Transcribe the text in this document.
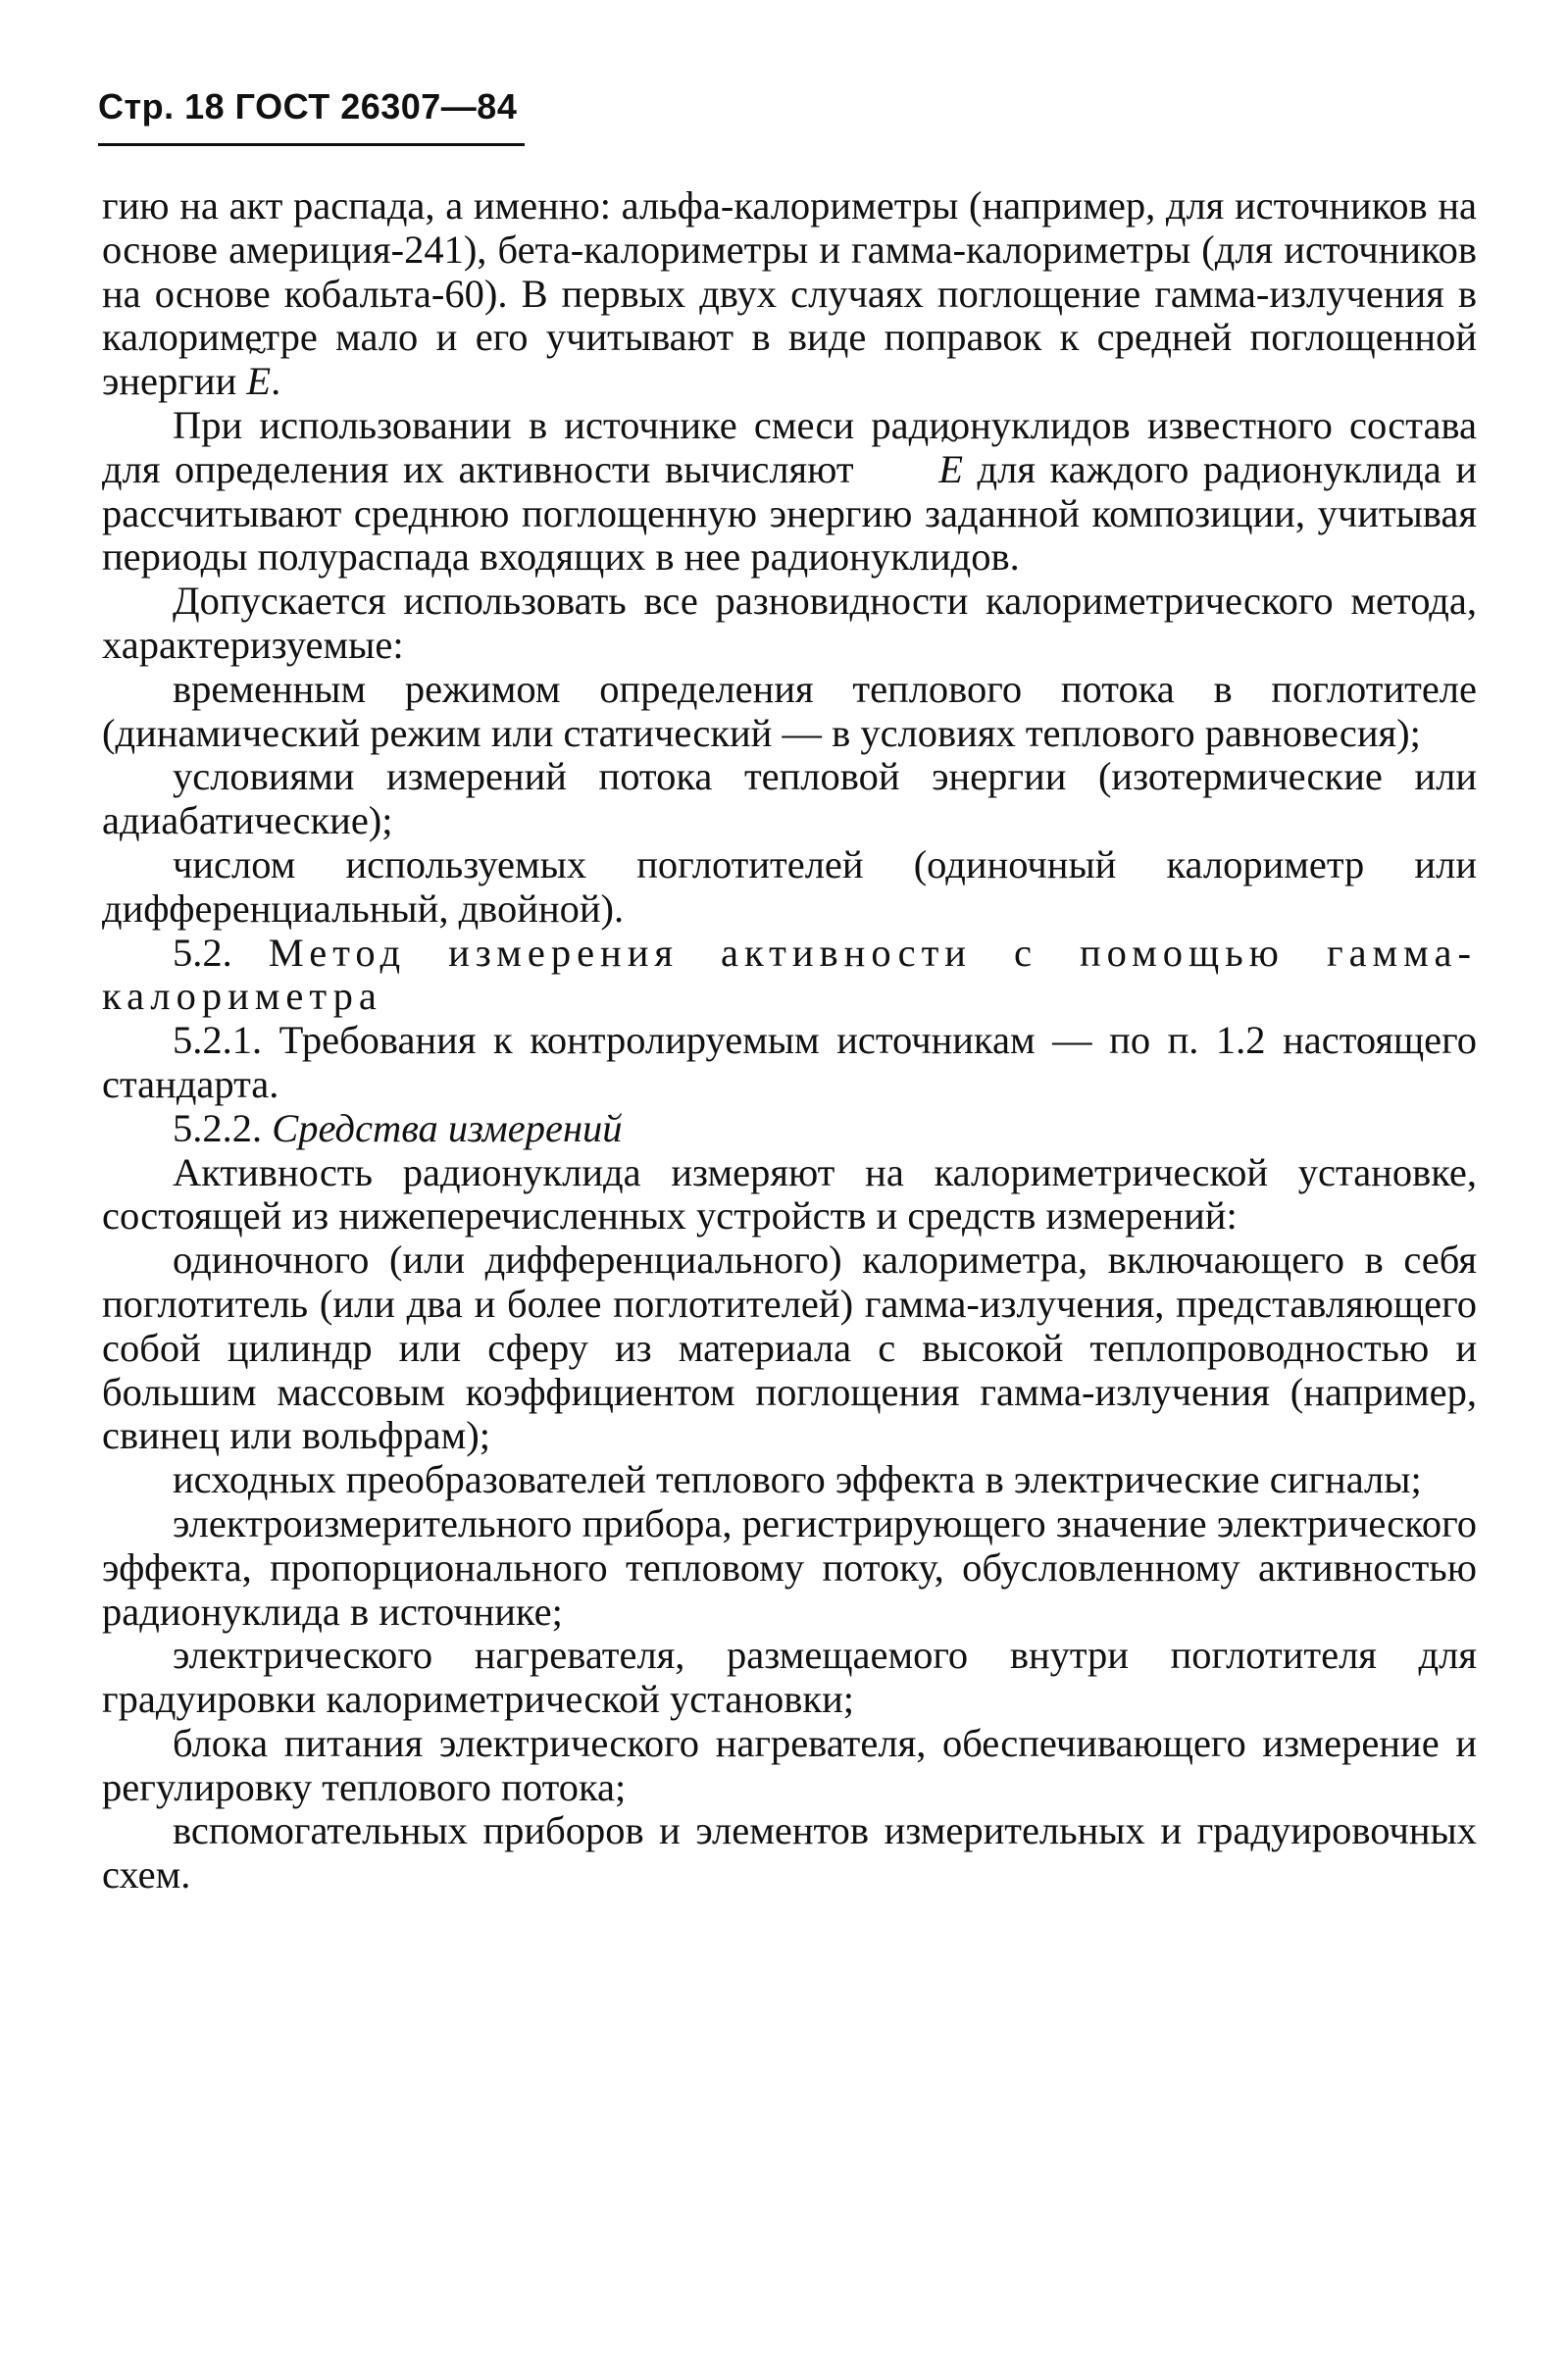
Стр. 18 ГОСТ 26307—84

гию на акт распада, а именно: альфа-калориметры (например, для источников на основе америция-241), бета-калориметры и гамма-калориметры (для источников на основе кобальта-60). В первых двух случаях поглощение гамма-излучения в калориметре мало и его учитывают в виде поправок к средней поглощенной энергии ~ E.

При использовании в источнике смеси радионуклидов известного состава для определения их активности вычисляют ~ E для каждого радионуклида и рассчитывают среднюю поглощенную энергию заданной композиции, учитывая периоды полураспада входящих в нее радионуклидов.

Допускается использовать все разновидности калориметрического метода, характеризуемые:

временным режимом определения теплового потока в поглотителе (динамический режим или статический — в условиях теплового равновесия);

условиями измерений потока тепловой энергии (изотермические или адиабатические);

числом используемых поглотителей (одиночный калориметр или дифференциальный, двойной).

5.2. Метод измерения активности с помощью гамма-калориметра

5.2.1. Требования к контролируемым источникам — по п. 1.2 настоящего стандарта.

5.2.2. Средства измерений

Активность радионуклида измеряют на калориметрической установке, состоящей из нижеперечисленных устройств и средств измерений:

одиночного (или дифференциального) калориметра, включающего в себя поглотитель (или два и более поглотителей) гамма-излучения, представляющего собой цилиндр или сферу из материала с высокой теплопроводностью и большим массовым коэффициентом поглощения гамма-излучения (например, свинец или вольфрам);

исходных преобразователей теплового эффекта в электрические сигналы;

электроизмерительного прибора, регистрирующего значение электрического эффекта, пропорционального тепловому потоку, обусловленному активностью радионуклида в источнике;

электрического нагревателя, размещаемого внутри поглотителя для градуировки калориметрической установки;

блока питания электрического нагревателя, обеспечивающего измерение и регулировку теплового потока;

вспомогательных приборов и элементов измерительных и градуировочных схем.
